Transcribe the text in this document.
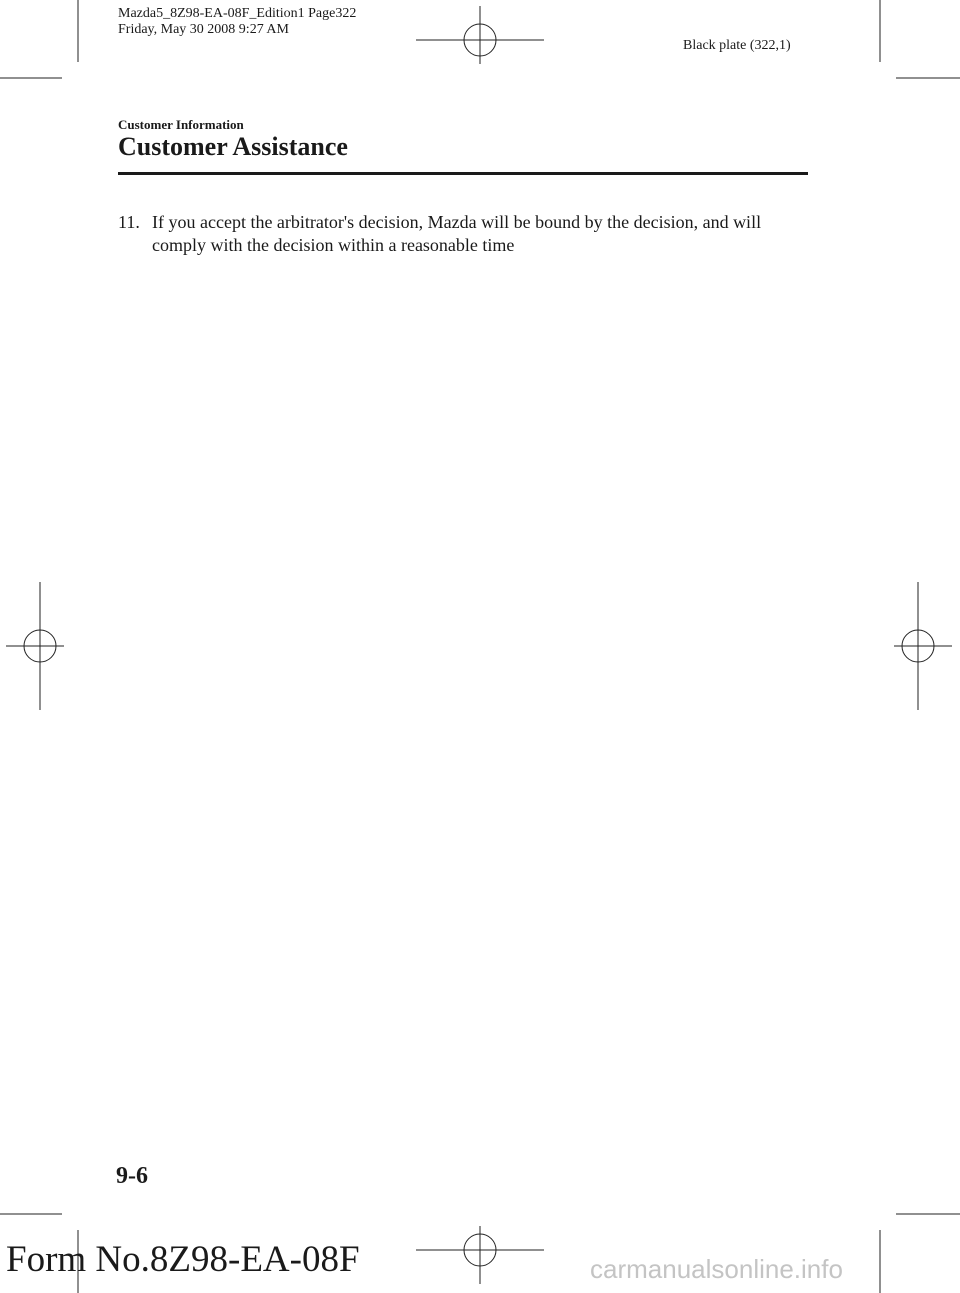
Mazda5_8Z98-EA-08F_Edition1 Page322
Friday, May 30 2008 9:27 AM
Black plate (322,1)
Customer Information
Customer Assistance
11. If you accept the arbitrator's decision, Mazda will be bound by the decision, and will comply with the decision within a reasonable time
9-6
Form No.8Z98-EA-08F	carmanualsonline.info
